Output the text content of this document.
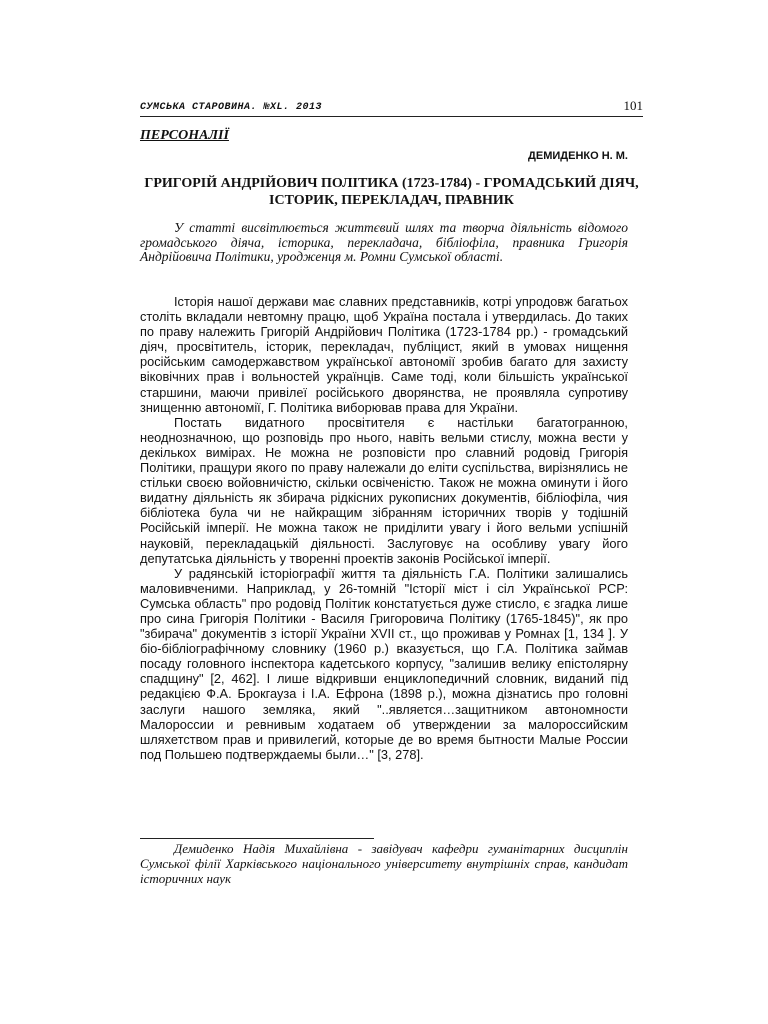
СУМСЬКА СТАРОВИНА. №XL. 2013	101
ПЕРСОНАЛІЇ
ДЕМИДЕНКО Н. М.
ГРИГОРІЙ АНДРІЙОВИЧ ПОЛІТИКА (1723-1784) - ГРОМАДСЬКИЙ ДІЯЧ, ІСТОРИК, ПЕРЕКЛАДАЧ, ПРАВНИК
У статті висвітлюється життєвий шлях та творча діяльність відомого громадського діяча, історика, перекладача, бібліофіла, правника Григорія Андрійовича Політики, уродженця м. Ромни Сумської області.

Історія нашої держави має славних представників, котрі упродовж багатьох століть вкладали невтомну працю, щоб Україна постала і утвердилась. До таких по праву належить Григорій Андрійович Політика (1723-1784 рр.) - громадський діяч, просвітитель, історик, перекладач, публіцист, який в умовах нищення російським самодержавством української автономії зробив багато для захисту віковічних прав і вольностей українців. Саме тоді, коли більшість української старшини, маючи привілеї російського дворянства, не проявляла супротиву знищенню автономії, Г. Політика виборював права для України.

Постать видатного просвітителя є настільки багатогранною, неоднозначною, що розповідь про нього, навіть вельми стислу, можна вести у декількох вимірах. Не можна не розповісти про славний родовід Григорія Політики, пращури якого по праву належали до еліти суспільства, вирізнялись не стільки своєю войовничістю, скільки освіченістю. Також не можна оминути і його видатну діяльність як збирача рідкісних рукописних документів, бібліофіла, чия бібліотека була чи не найкращим зібранням історичних творів у тодішній Російській імперії. Не можна також не приділити увагу і його вельми успішній науковій, перекладацькій діяльності. Заслуговує на особливу увагу його депутатська діяльність у творенні проектів законів Російської імперії.

У радянській історіографії життя та діяльність Г.А. Політики залишались маловивченими. Наприклад, у 26-томній "Історії міст і сіл Української РСР: Сумська область" про родовід Політик констатується дуже стисло, є згадка лише про сина Григорія Політики - Василя Григоровича Політику (1765-1845)", як про "збирача" документів з історії України XVII ст., що проживав у Ромнах [1, 134 ]. У біо-бібліографічному словнику (1960 р.) вказується, що Г.А. Політика займав посаду головного інспектора кадетського корпусу, "залишив велику епістолярну спадщину" [2, 462]. І лише відкривши енциклопедичний словник, виданий під редакцією Ф.А. Брокгауза і І.А. Ефрона (1898 р.), можна дізнатись про головні заслуги нашого земляка, який "..является…защитником автономности Малороссии и ревнивым ходатаем об утверждении за малороссийским шляхетством прав и привилегий, которые де во время бытности Малые России под Польшею подтверждаемы были…" [3, 278].

Демиденко Надія Михайлівна - завідувач кафедри гуманітарних дисциплін Сумської філії Харківського національного університету внутрішніх справ, кандидат історичних наук
